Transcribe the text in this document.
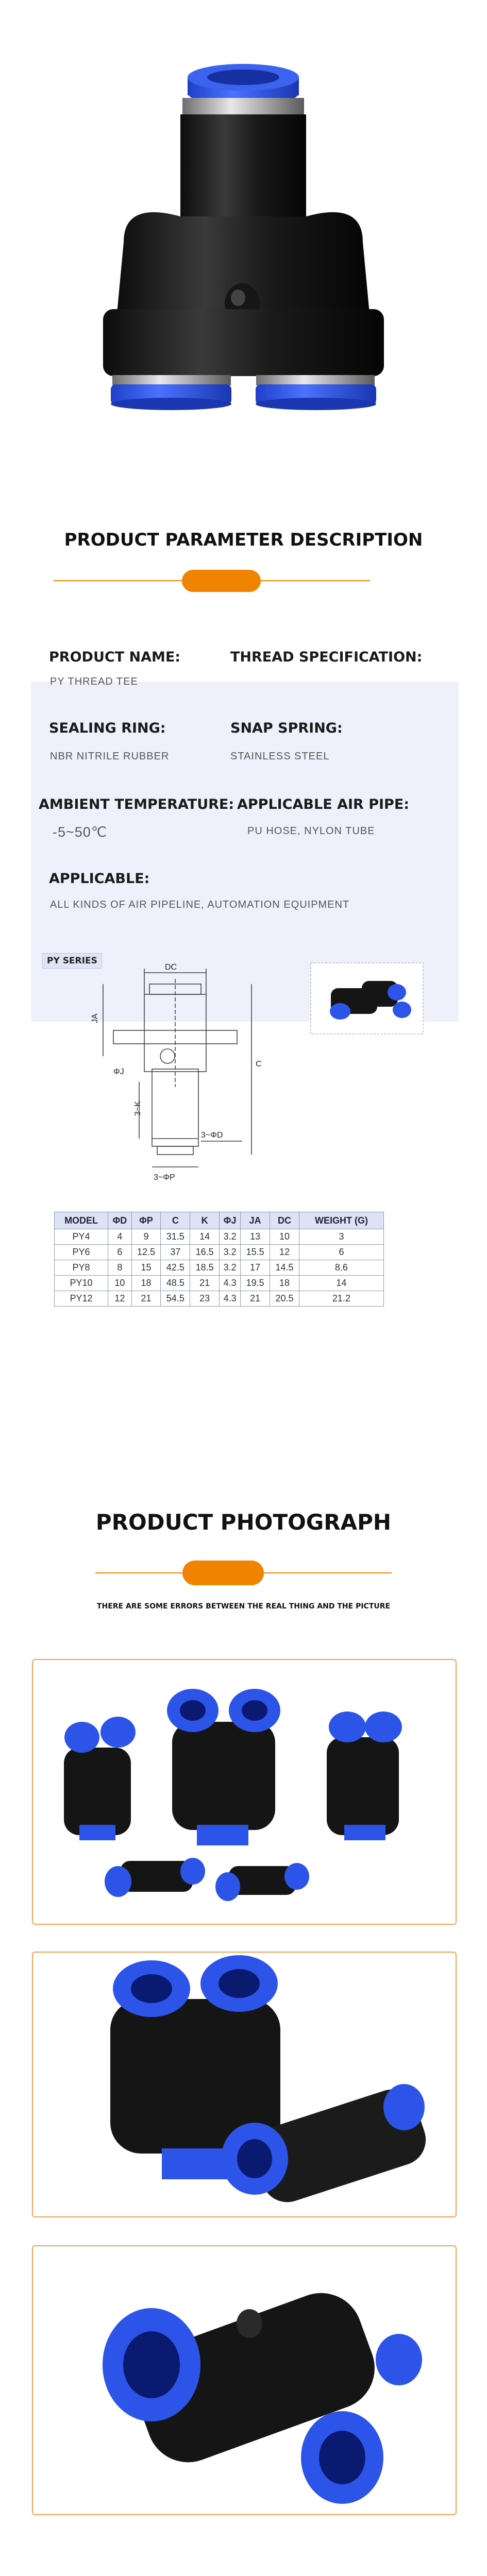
PRODUCT PARAMETER DESCRIPTION
PRODUCT NAME:	THREAD SPECIFICATION:
PY THREAD TEE
SEALING RING:	SNAP SPRING:
NBR NITRILE RUBBER	STAINLESS STEEL
AMBIENT TEMPERATURE: APPLICABLE AIR PIPE:
-5~50℃	PU HOSE, NYLON TUBE
APPLICABLE:
ALL KINDS OF AIR PIPELINE, AUTOMATION EQUIPMENT
PY SERIES
DC
JA
C
ΦJ
3~K
3~ΦD
3~ΦP
MODEL	ΦD	ΦP	C	K	ΦJ	JA	DC	WEIGHT (G)
PY4	4	9	31.5	14	3.2	13	10	3
PY6	6	12.5	37	16.5	3.2	15.5	12	6
PY8	8	15	42.5	18.5	3.2	17	14.5	8.6
PY10	10	18	48.5	21	4.3	19.5	18	14
PY12	12	21	54.5	23	4.3	21	20.5	21.2
PRODUCT PHOTOGRAPH
THERE ARE SOME ERRORS BETWEEN THE REAL THING AND THE PICTURE
